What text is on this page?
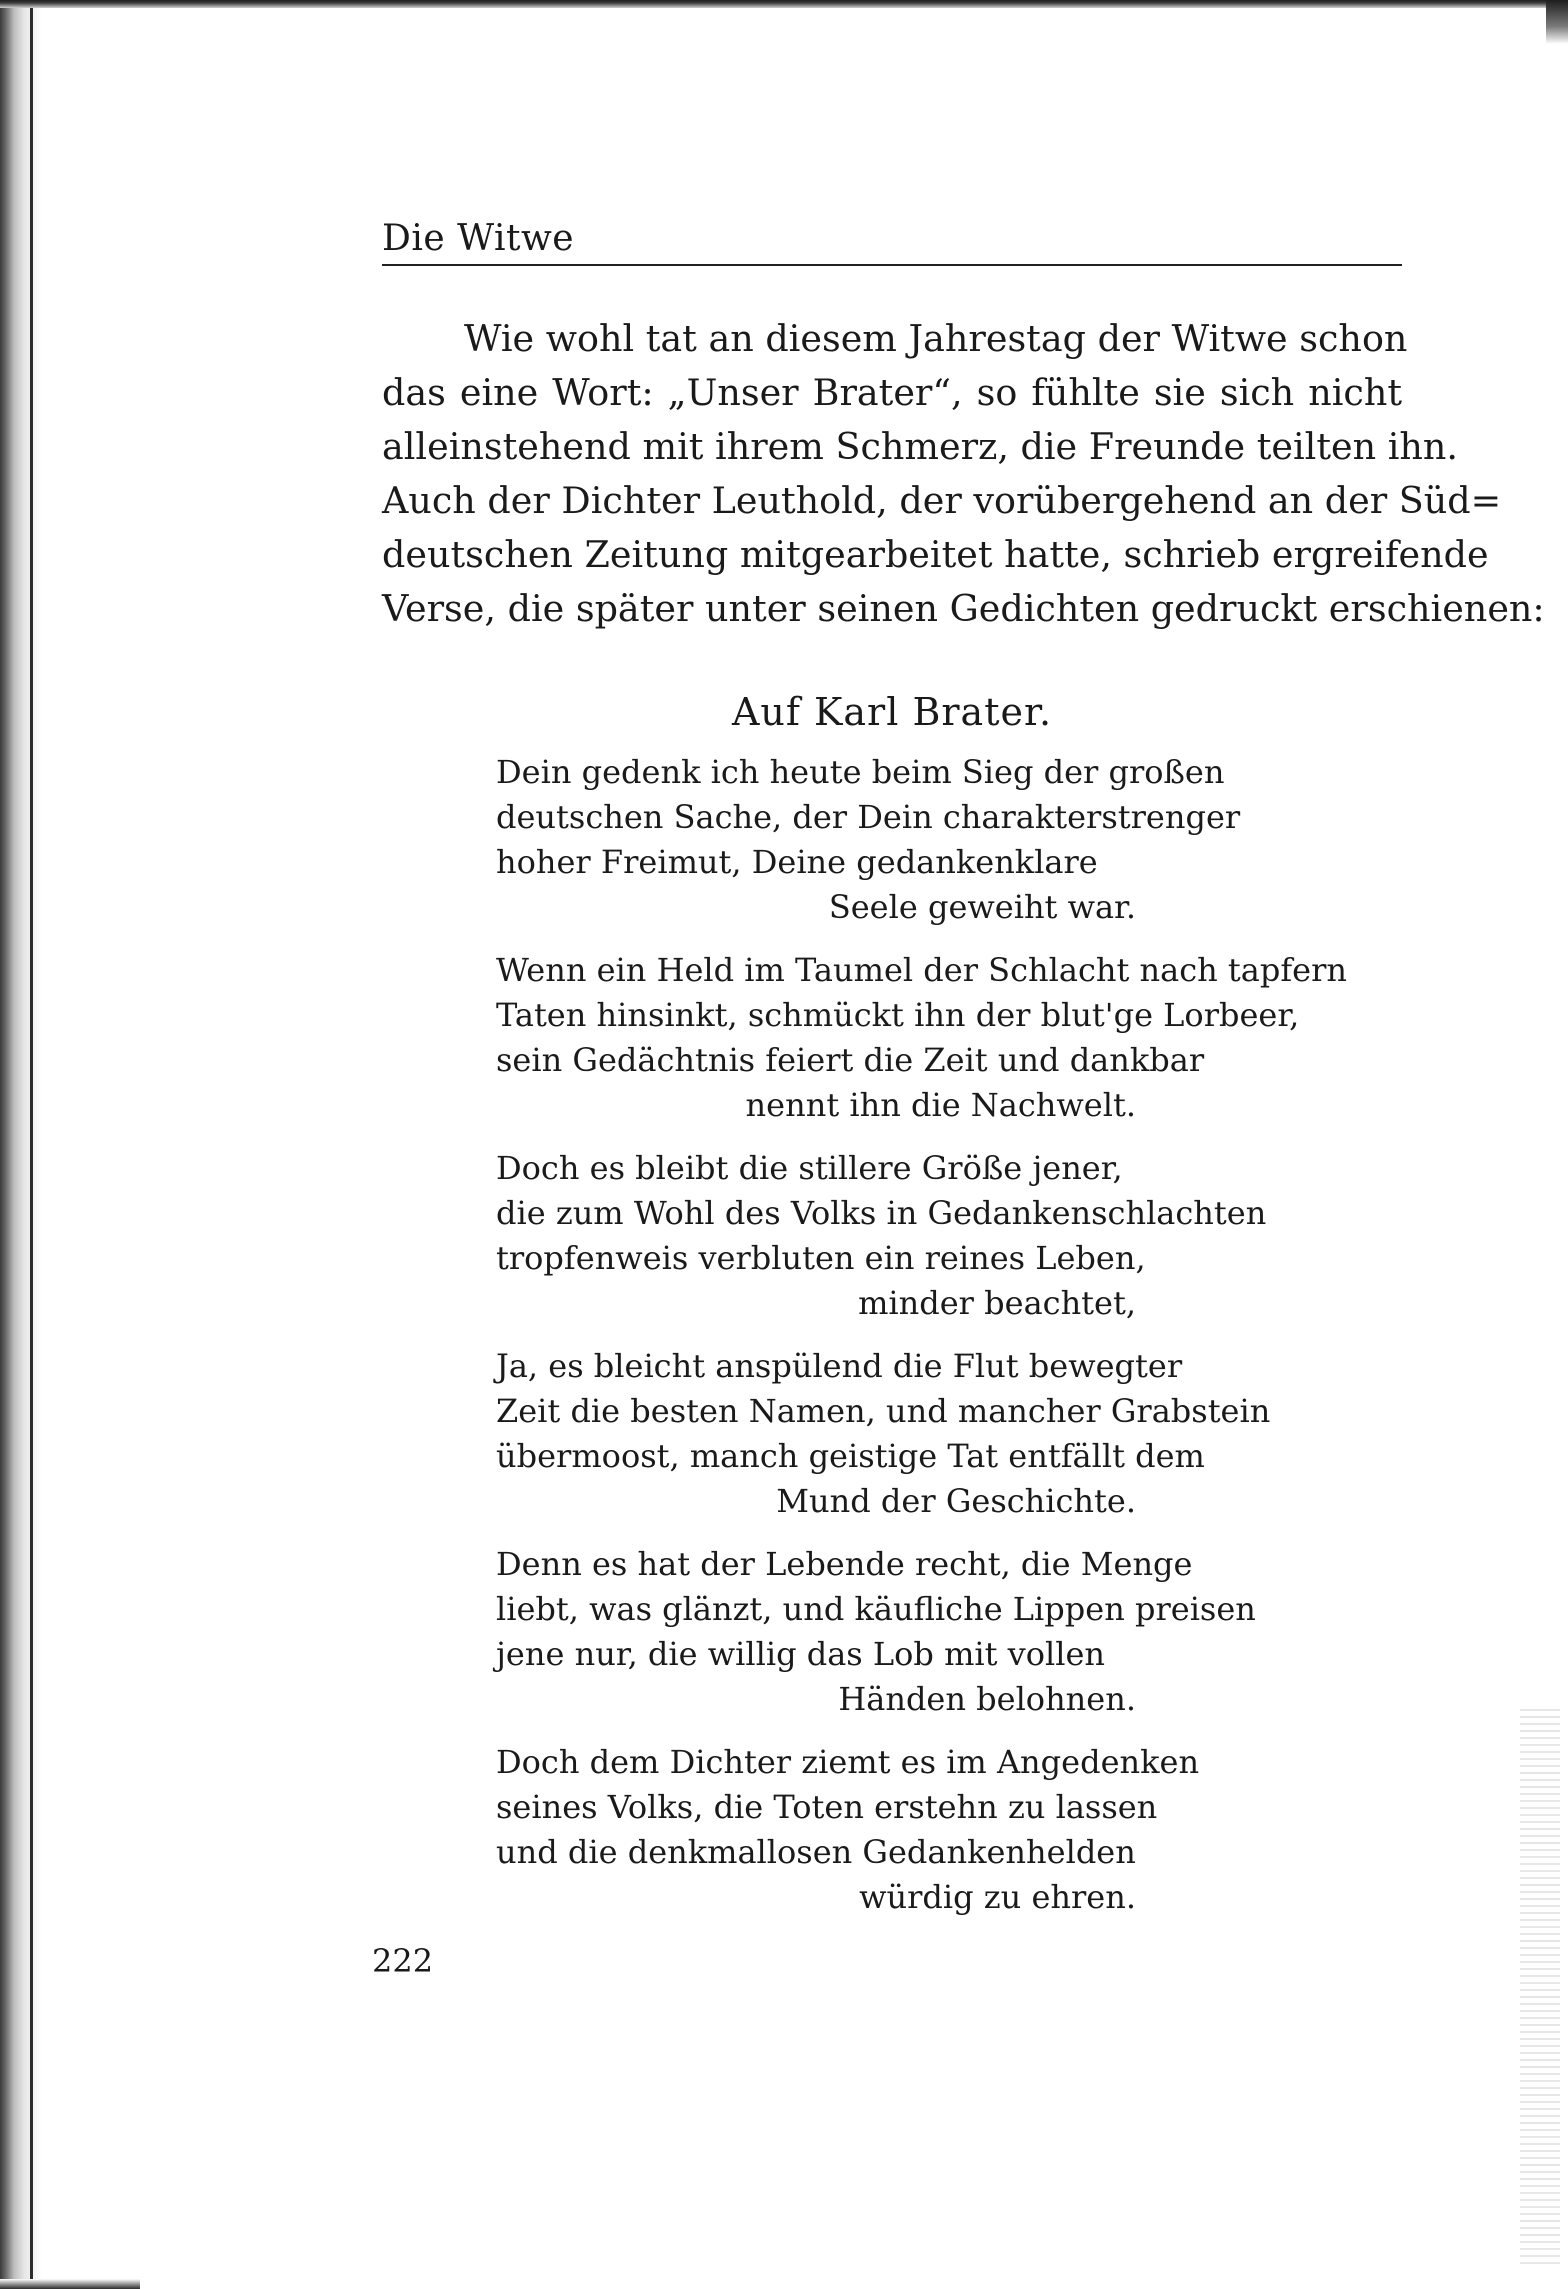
Die Witwe
Wie wohl tat an diesem Jahrestag der Witwe schon
das eine Wort: „Unser Brater“, so fühlte sie sich nicht
alleinstehend mit ihrem Schmerz, die Freunde teilten ihn.
Auch der Dichter Leuthold, der vorübergehend an der Süd=
deutschen Zeitung mitgearbeitet hatte, schrieb ergreifende
Verse, die später unter seinen Gedichten gedruckt erschienen:
Auf Karl Brater.
Dein gedenk ich heute beim Sieg der großen
deutschen Sache, der Dein charakterstrenger
hoher Freimut, Deine gedankenklare
Seele geweiht war.
Wenn ein Held im Taumel der Schlacht nach tapfern
Taten hinsinkt, schmückt ihn der blut'ge Lorbeer,
sein Gedächtnis feiert die Zeit und dankbar
nennt ihn die Nachwelt.
Doch es bleibt die stillere Größe jener,
die zum Wohl des Volks in Gedankenschlachten
tropfenweis verbluten ein reines Leben,
minder beachtet,
Ja, es bleicht anspülend die Flut bewegter
Zeit die besten Namen, und mancher Grabstein
übermoost, manch geistige Tat entfällt dem
Mund der Geschichte.
Denn es hat der Lebende recht, die Menge
liebt, was glänzt, und käufliche Lippen preisen
jene nur, die willig das Lob mit vollen
Händen belohnen.
Doch dem Dichter ziemt es im Angedenken
seines Volks, die Toten erstehn zu lassen
und die denkmallosen Gedankenhelden
würdig zu ehren.
222
